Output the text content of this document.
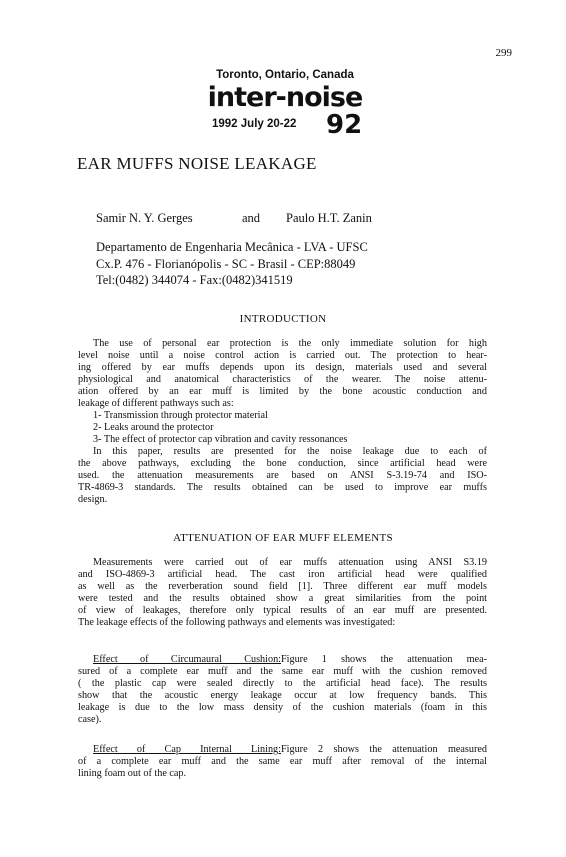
299
Toronto, Ontario, Canada
inter-noise
1992 July 20-22 92
EAR MUFFS NOISE LEAKAGE
Samir N. Y. Gerges	and Paulo H.T. Zanin
Departamento de Engenharia Mecânica - LVA - UFSC
Cx.P. 476 - Florianópolis - SC - Brasil - CEP:88049
Tel:(0482) 344074 - Fax:(0482)341519
INTRODUCTION
The use of personal ear protection is the only immediate solution for high
level noise until a noise control action is carried out. The protection to hear-
ing offered by ear muffs depends upon its design, materials used and several
physiological and anatomical characteristics of the wearer. The noise attenu-
ation offered by an ear muff is limited by the bone acoustic conduction and
leakage of different pathways such as:
1- Transmission through protector material
2- Leaks around the protector
3- The effect of protector cap vibration and cavity ressonances
In this paper, results are presented for the noise leakage due to each of
the above pathways, excluding the bone conduction, since artificial head were
used. the attenuation measurements are based on ANSI S-3.19-74 and ISO-
TR-4869-3 standards. The results obtained can be used to improve ear muffs
design.
ATTENUATION OF EAR MUFF ELEMENTS
Measurements were carried out of ear muffs attenuation using ANSI S3.19
and ISO-4869-3 artificial head. The cast iron artificial head were qualified
as well as the reverberation sound field [1]. Three different ear muff models
were tested and the results obtained show a great similarities from the point
of view of leakages, therefore only typical results of an ear muff are presented.
The leakage effects of the following pathways and elements was investigated:
Effect of Circumaural Cushion:Figure 1 shows the attenuation mea-
sured of a complete ear muff and the same ear muff with the cushion removed
( the plastic cap were sealed directly to the artificial head face). The results
show that the acoustic energy leakage occur at low frequency bands. This
leakage is due to the low mass density of the cushion materials (foam in this
case).
Effect of Cap Internal Lining:Figure 2 shows the attenuation measured
of a complete ear muff and the same ear muff after removal of the internal
lining foam out of the cap.
